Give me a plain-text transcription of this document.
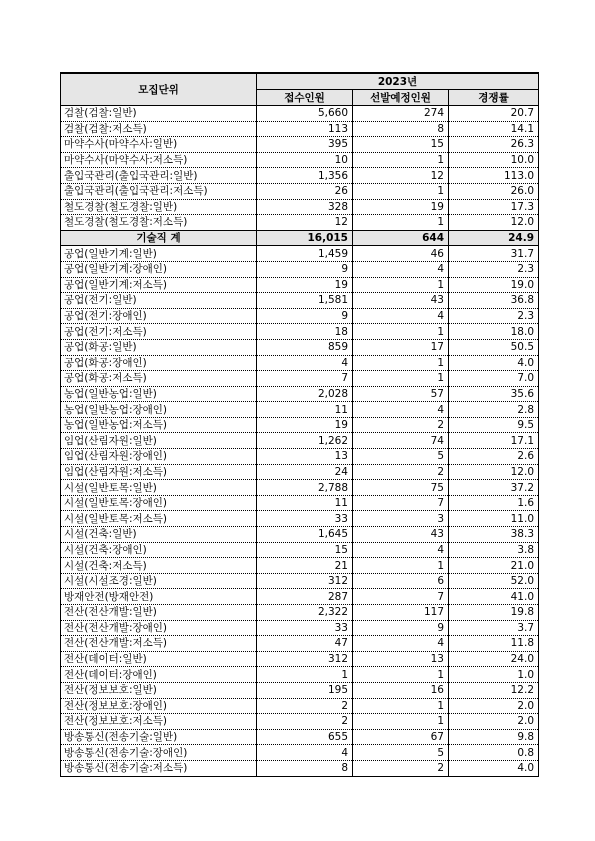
모집단위	2023년		
	접수인원	선발예정인원	경쟁률
검찰(검찰:일반)	5,660	274	20.7
검찰(검찰:저소득)	113	8	14.1
마약수사(마약수사:일반)	395	15	26.3
마약수사(마약수사:저소득)	10	1	10.0
출입국관리(출입국관리:일반)	1,356	12	113.0
출입국관리(출입국관리:저소득)	26	1	26.0
철도경찰(철도경찰:일반)	328	19	17.3
철도경찰(철도경찰:저소득)	12	1	12.0
기술직 계	16,015	644	24.9
공업(일반기계:일반)	1,459	46	31.7
공업(일반기계:장애인)	9	4	2.3
공업(일반기계:저소득)	19	1	19.0
공업(전기:일반)	1,581	43	36.8
공업(전기:장애인)	9	4	2.3
공업(전기:저소득)	18	1	18.0
공업(화공:일반)	859	17	50.5
공업(화공:장애인)	4	1	4.0
공업(화공:저소득)	7	1	7.0
농업(일반농업:일반)	2,028	57	35.6
농업(일반농업:장애인)	11	4	2.8
농업(일반농업:저소득)	19	2	9.5
임업(산림자원:일반)	1,262	74	17.1
임업(산림자원:장애인)	13	5	2.6
임업(산림자원:저소득)	24	2	12.0
시설(일반토목:일반)	2,788	75	37.2
시설(일반토목:장애인)	11	7	1.6
시설(일반토목:저소득)	33	3	11.0
시설(건축:일반)	1,645	43	38.3
시설(건축:장애인)	15	4	3.8
시설(건축:저소득)	21	1	21.0
시설(시설조경:일반)	312	6	52.0
방재안전(방재안전)	287	7	41.0
전산(전산개발:일반)	2,322	117	19.8
전산(전산개발:장애인)	33	9	3.7
전산(전산개발:저소득)	47	4	11.8
전산(데이터:일반)	312	13	24.0
전산(데이터:장애인)	1	1	1.0
전산(정보보호:일반)	195	16	12.2
전산(정보보호:장애인)	2	1	2.0
전산(정보보호:저소득)	2	1	2.0
방송통신(전송기술:일반)	655	67	9.8
방송통신(전송기술:장애인)	4	5	0.8
방송통신(전송기술:저소득)	8	2	4.0
